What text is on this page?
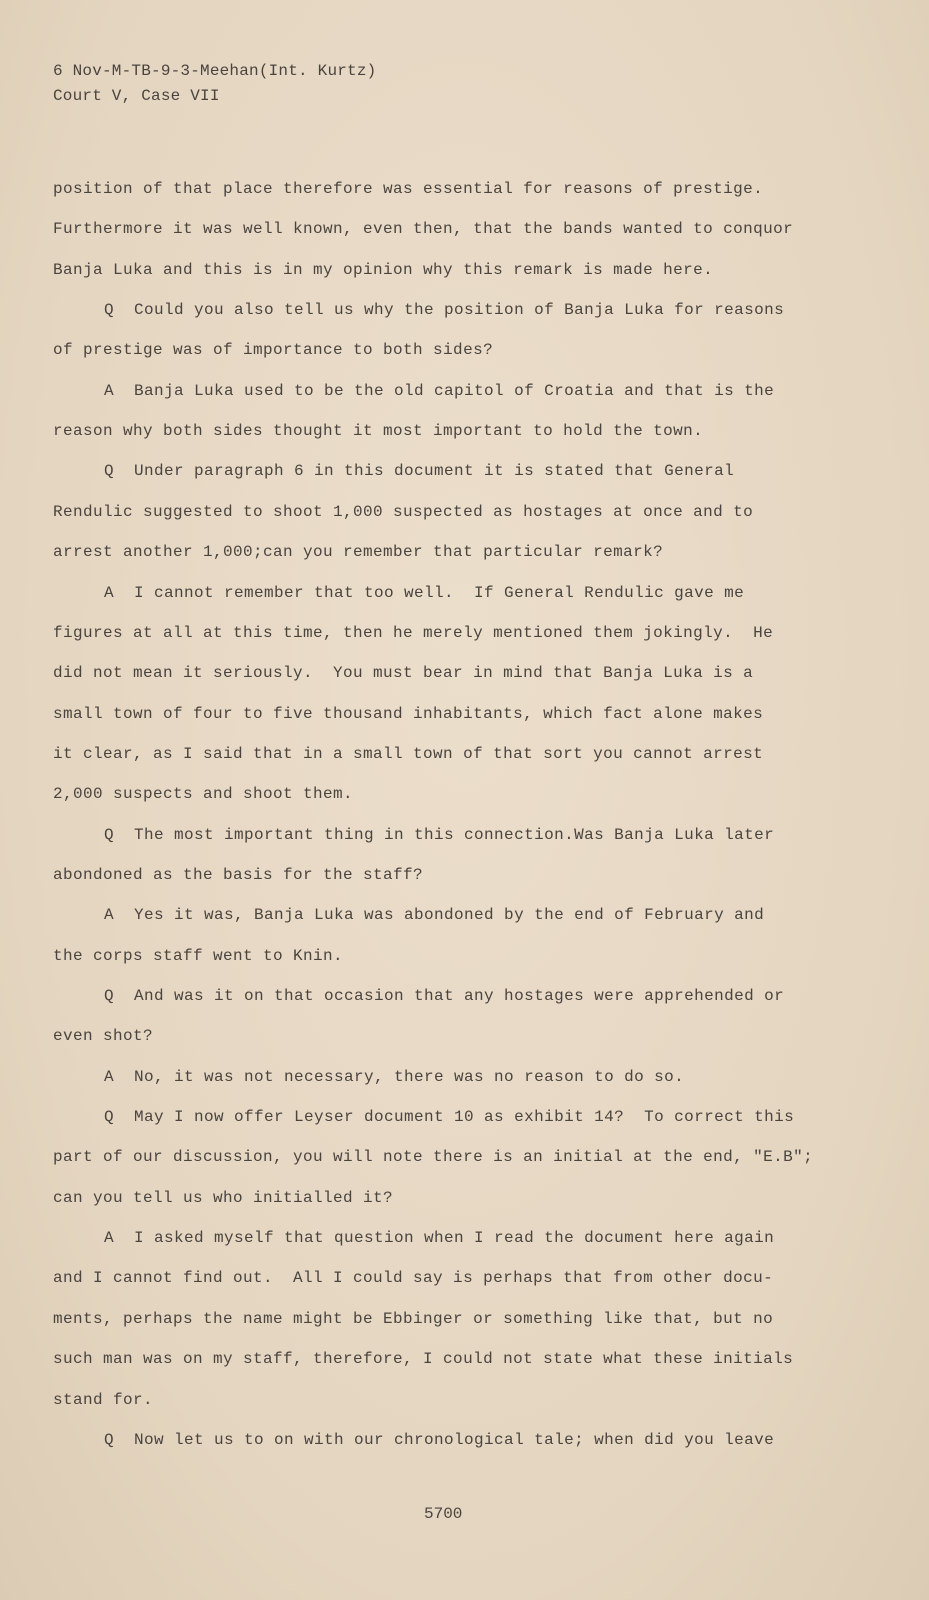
6 Nov-M-TB-9-3-Meehan(Int. Kurtz)
Court V, Case VII
position of that place therefore was essential for reasons of prestige.
Furthermore it was well known, even then, that the bands wanted to conquor
Banja Luka and this is in my opinion why this remark is made here.
Q  Could you also tell us why the position of Banja Luka for reasons
of prestige was of importance to both sides?
A  Banja Luka used to be the old capitol of Croatia and that is the
reason why both sides thought it most important to hold the town.
Q  Under paragraph 6 in this document it is stated that General
Rendulic suggested to shoot 1,000 suspected as hostages at once and to
arrest another 1,000;can you remember that particular remark?
A  I cannot remember that too well.  If General Rendulic gave me
figures at all at this time, then he merely mentioned them jokingly.  He
did not mean it seriously.  You must bear in mind that Banja Luka is a
small town of four to five thousand inhabitants, which fact alone makes
it clear, as I said that in a small town of that sort you cannot arrest
2,000 suspects and shoot them.
Q  The most important thing in this connection.Was Banja Luka later
abondoned as the basis for the staff?
A  Yes it was, Banja Luka was abondoned by the end of February and
the corps staff went to Knin.
Q  And was it on that occasion that any hostages were apprehended or
even shot?
A  No, it was not necessary, there was no reason to do so.
Q  May I now offer Leyser document 10 as exhibit 14?  To correct this
part of our discussion, you will note there is an initial at the end, "E.B";
can you tell us who initialled it?
A  I asked myself that question when I read the document here again
and I cannot find out.  All I could say is perhaps that from other docu-
ments, perhaps the name might be Ebbinger or something like that, but no
such man was on my staff, therefore, I could not state what these initials
stand for.
Q  Now let us to on with our chronological tale; when did you leave
5700
